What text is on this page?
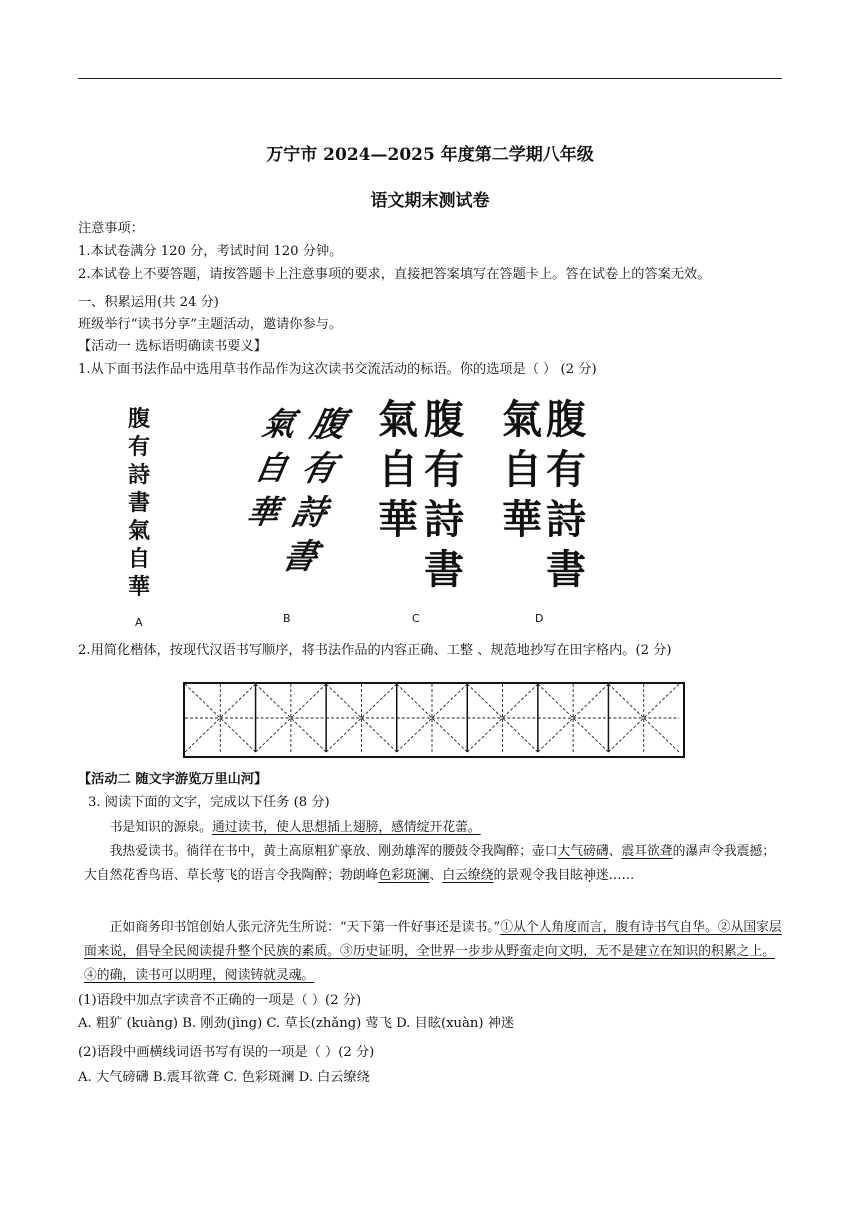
万宁市 2024—2025 年度第二学期八年级
语文期末测试卷
注意事项：
1.本试卷满分 120 分，考试时间 120 分钟。
2.本试卷上不要答题，请按答题卡上注意事项的要求，直接把答案填写在答题卡上。答在试卷上的答案无效。
一、积累运用(共 24 分)
班级举行“读书分享”主题活动，邀请你参与。
【活动一 选标语明确读书要义】
1.从下面书法作品中选用草书作品作为这次读书交流活动的标语。你的选项是（ ） (2 分)
腹
有
詩
書
氣
自
華
A
腹
有
詩
書
氣
自
華
B
腹
有
詩
書
氣
自
華
C
腹
有
詩
書
氣
自
華
D
2.用简化楷体，按现代汉语书写顺序，将书法作品的内容正确、工整 、规范地抄写在田字格内。(2 分)
【活动二 随文字游览万里山河】
3. 阅读下面的文字，完成以下任务 (8 分)
书是知识的源泉。通过读书，使人思想插上翅膀，感情绽开花蕾。
我热爱读书。徜徉在书中，黄土高原粗犷豪放、刚劲雄浑的腰鼓令我陶醉；壶口大气磅礴、震耳欲聋的瀑声令我震撼；大自然花香鸟语、草长莺飞的语言令我陶醉；勃朗峰色彩斑澜、白云缭绕的景观令我目眩神迷……
正如商务印书馆创始人张元济先生所说：“天下第一件好事还是读书。”①从个人角度而言，腹有诗书气自华。②从国家层面来说，倡导全民阅读提升整个民族的素质。③历史证明，全世界一步步从野蛮走向文明，无不是建立在知识的积累之上。④的确，读书可以明理，阅读铸就灵魂。
(1)语段中加点字读音不正确的一项是（ ）(2 分)
A. 粗犷 (kuàng) B. 刚劲(jìng) C. 草长(zhǎng) 莺飞 D. 目眩(xuàn) 神迷
(2)语段中画横线词语书写有误的一项是（ ）(2 分)
A. 大气磅礴 B.震耳欲聋 C. 色彩斑澜 D. 白云缭绕
